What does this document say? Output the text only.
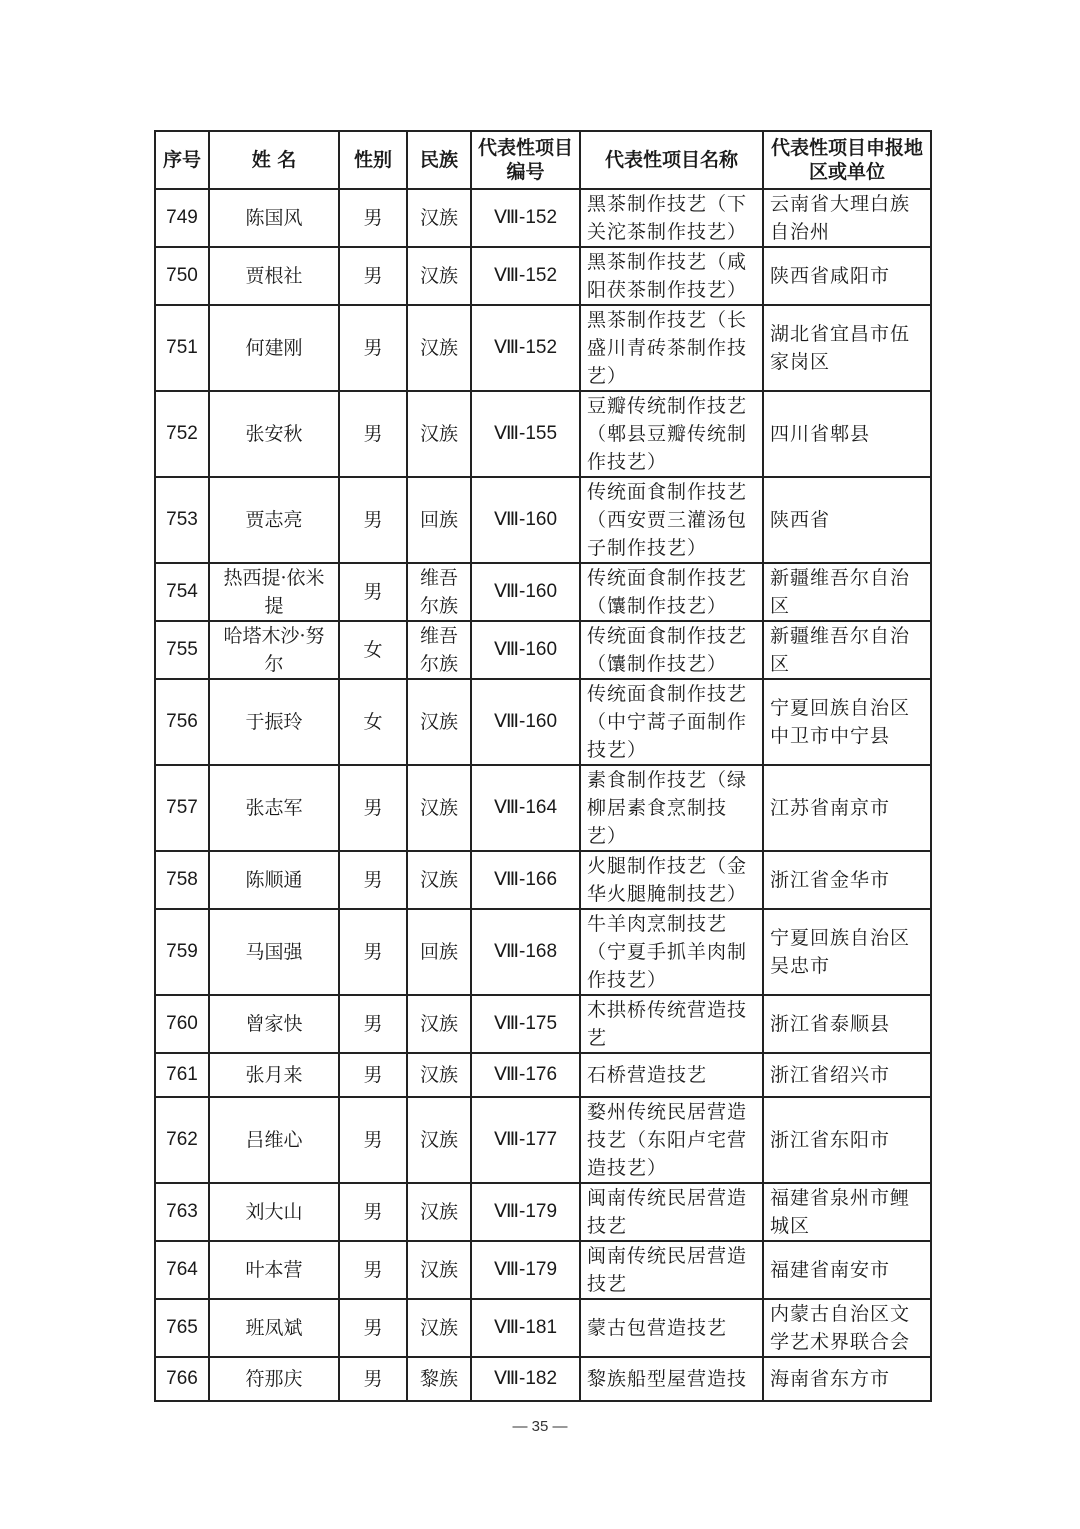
序号	姓 名	性别	民族	代表性项目编号	代表性项目名称	代表性项目申报地区或单位
749	陈国风	男	汉族	Ⅷ-152	黑茶制作技艺（下关沱茶制作技艺）	云南省大理白族自治州
750	贾根社	男	汉族	Ⅷ-152	黑茶制作技艺（咸阳茯茶制作技艺）	陕西省咸阳市
751	何建刚	男	汉族	Ⅷ-152	黑茶制作技艺（长盛川青砖茶制作技艺）	湖北省宜昌市伍家岗区
752	张安秋	男	汉族	Ⅷ-155	豆瓣传统制作技艺（郫县豆瓣传统制作技艺）	四川省郫县
753	贾志亮	男	回族	Ⅷ-160	传统面食制作技艺（西安贾三灌汤包子制作技艺）	陕西省
754	热西提·依米提	男	维吾尔族	Ⅷ-160	传统面食制作技艺（馕制作技艺）	新疆维吾尔自治区
755	哈塔木沙·努尔	女	维吾尔族	Ⅷ-160	传统面食制作技艺（馕制作技艺）	新疆维吾尔自治区
756	于振玲	女	汉族	Ⅷ-160	传统面食制作技艺（中宁蒿子面制作技艺）	宁夏回族自治区中卫市中宁县
757	张志军	男	汉族	Ⅷ-164	素食制作技艺（绿柳居素食烹制技艺）	江苏省南京市
758	陈顺通	男	汉族	Ⅷ-166	火腿制作技艺（金华火腿腌制技艺）	浙江省金华市
759	马国强	男	回族	Ⅷ-168	牛羊肉烹制技艺（宁夏手抓羊肉制作技艺）	宁夏回族自治区吴忠市
760	曾家快	男	汉族	Ⅷ-175	木拱桥传统营造技艺	浙江省泰顺县
761	张月来	男	汉族	Ⅷ-176	石桥营造技艺	浙江省绍兴市
762	吕维心	男	汉族	Ⅷ-177	婺州传统民居营造技艺（东阳卢宅营造技艺）	浙江省东阳市
763	刘大山	男	汉族	Ⅷ-179	闽南传统民居营造技艺	福建省泉州市鲤城区
764	叶本营	男	汉族	Ⅷ-179	闽南传统民居营造技艺	福建省南安市
765	班凤斌	男	汉族	Ⅷ-181	蒙古包营造技艺	内蒙古自治区文学艺术界联合会
766	符那庆	男	黎族	Ⅷ-182	黎族船型屋营造技	海南省东方市
— 35 —
